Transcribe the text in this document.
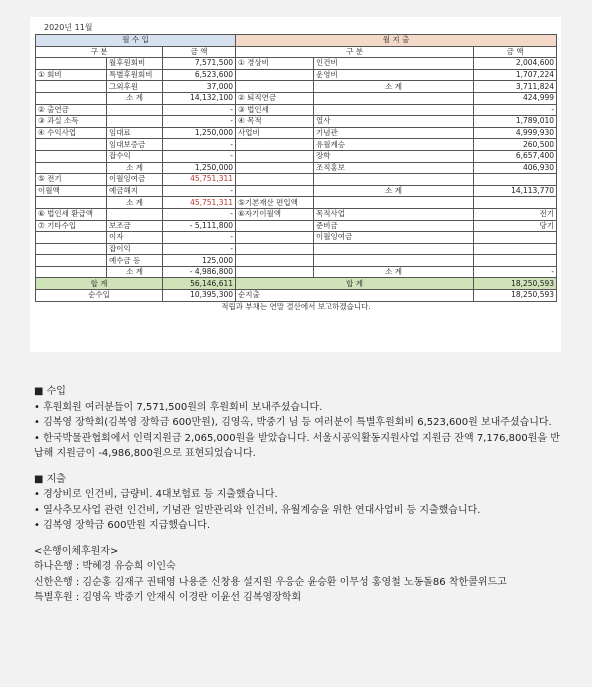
2020년 11월
월 수 입			월 지 출		
구 분		금 액	구 분		금 액
	월후원회비	7,571,500	① 경상비	인건비	2,004,600
① 회비	특별후원회비	6,523,600		운영비	1,707,224
	그외후원	37,000		소 계	3,711,824
	소 계	14,132,100	② 퇴직연금		424,999
② 출연금		-	③ 법인세		-
③ 과실 소득		-	④ 목적	열사	1,789,010
④ 수익사업	임대료	1,250,000	사업비	기념관	4,999,930
	임대보증금	-		유월계승	260,500
	잡수익	-		장학	6,657,400
	소 계	1,250,000		조직홍보	406,930
⑤ 전기	이월잉여금	45,751,311			
이월액	예금해지	-		소 계	14,113,770
	소 계	45,751,311	⑤기본재산 편입액		
⑥ 법인세 환급액		-	⑥자기이월액	목적사업	전기
⑦ 기타수입	보조금	- 5,111,800		준비금	당기
	이자	-		이월잉여금	
	잡이익	-			
	예수금 등	125,000			
	소 계	- 4,986,800		소 계	-
합 계		56,146,611	합 계		18,250,593
순수입		10,395,300	순지출		18,250,593
적립과 부채는 연말 결산에서 보고하겠습니다.					

■ 수입

• 후원회원 여러분들이 7,571,500원의 후원회비 보내주셨습니다.

• 김복영 장학회(김복영 장학금 600만원), 김영옥, 박중기 님 등 여러분이 특별후원회비 6,523,600원 보내주셨습니다.

• 한국박물관협회에서 인력지원금 2,065,000원을 받았습니다. 서울시공익활동지원사업 지원금 잔액 7,176,800원을 반납해 지원금이 -4,986,800원으로 표현되었습니다.

■ 지출

• 경상비로 인건비, 급량비. 4대보험료 등 지출했습니다.

• 열사추모사업 관련 인건비, 기념관 일반관리와 인건비, 유월계승을 위한 연대사업비 등 지출했습니다.

• 김복영 장학금 600만원 지급했습니다.

<은행이체후원자>

하나은행 : 박혜경 유승희 이인숙

신한은행 : 김순홍 김재구 권태영 나용준 신창용 설지원 우응순 윤승환 이무성 홍영철 노동돌86 착한콜위드고

특별후원 : 김영옥 박중기 안재식 이경란 이윤선 김복영장학회
